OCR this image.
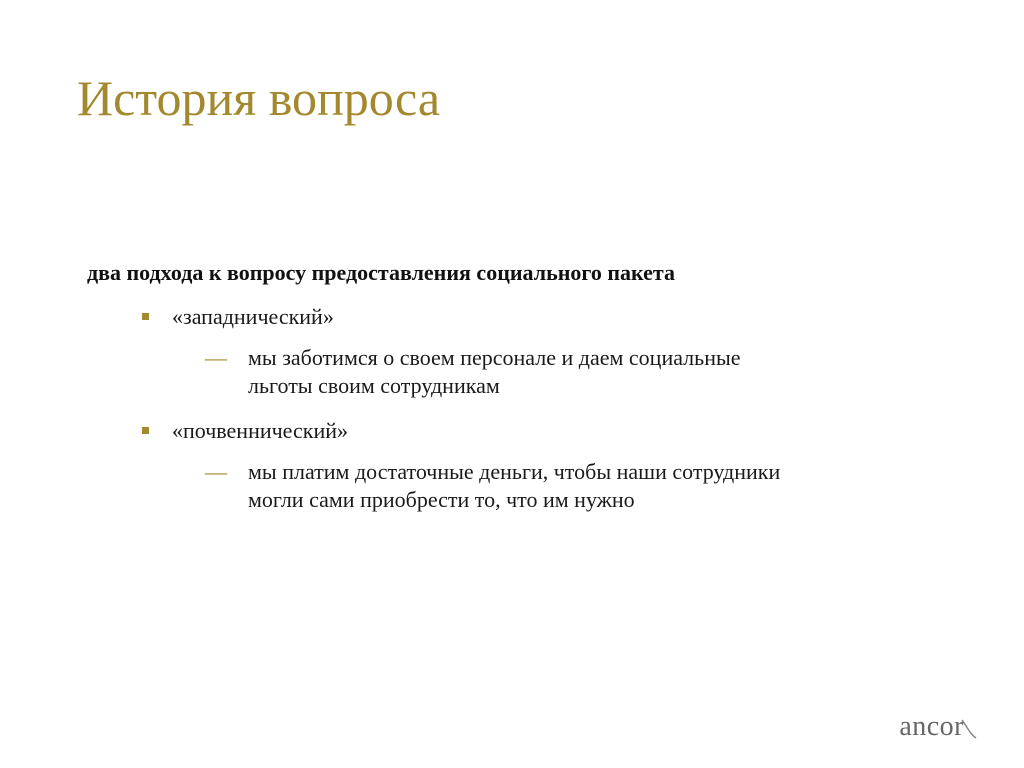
История вопроса

два подхода к вопросу предоставления социального пакета

«западнический»
— мы заботимся о своем персонале и даем социальные
льготы своим сотрудникам
«почвеннический»
— мы платим достаточные деньги, чтобы наши сотрудники
могли сами приобрести то, что им нужно
ancor
